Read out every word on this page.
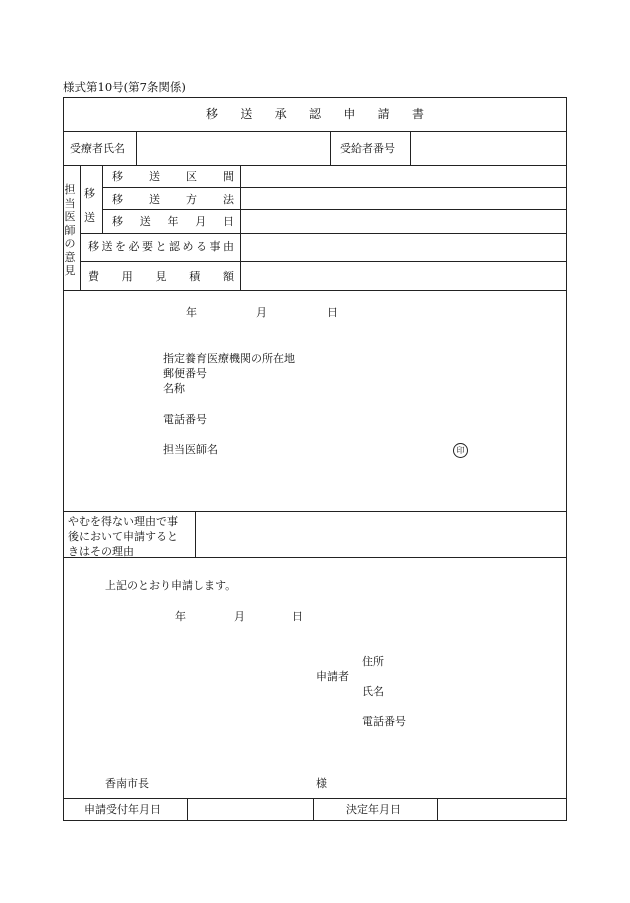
様式第10号(第7条関係)
移 送 承 認 申 請 書
受療者氏名	受給者番号
担
当
医
師
の
意
見
移
送
移 送 区 間
移 送 方 法
移 送 年 月 日
移 送 を 必 要 と 認 め る 事 由
費 用 見 積 額
年	月	日
指定養育医療機関の所在地
郵便番号
名称
電話番号
担当医師名	印
やむを得ない理由で事
後において申請すると
きはその理由
上記のとおり申請します。
年	月	日
住所
申請者
氏名
電話番号
香南市長	様
申請受付年月日	決定年月日
